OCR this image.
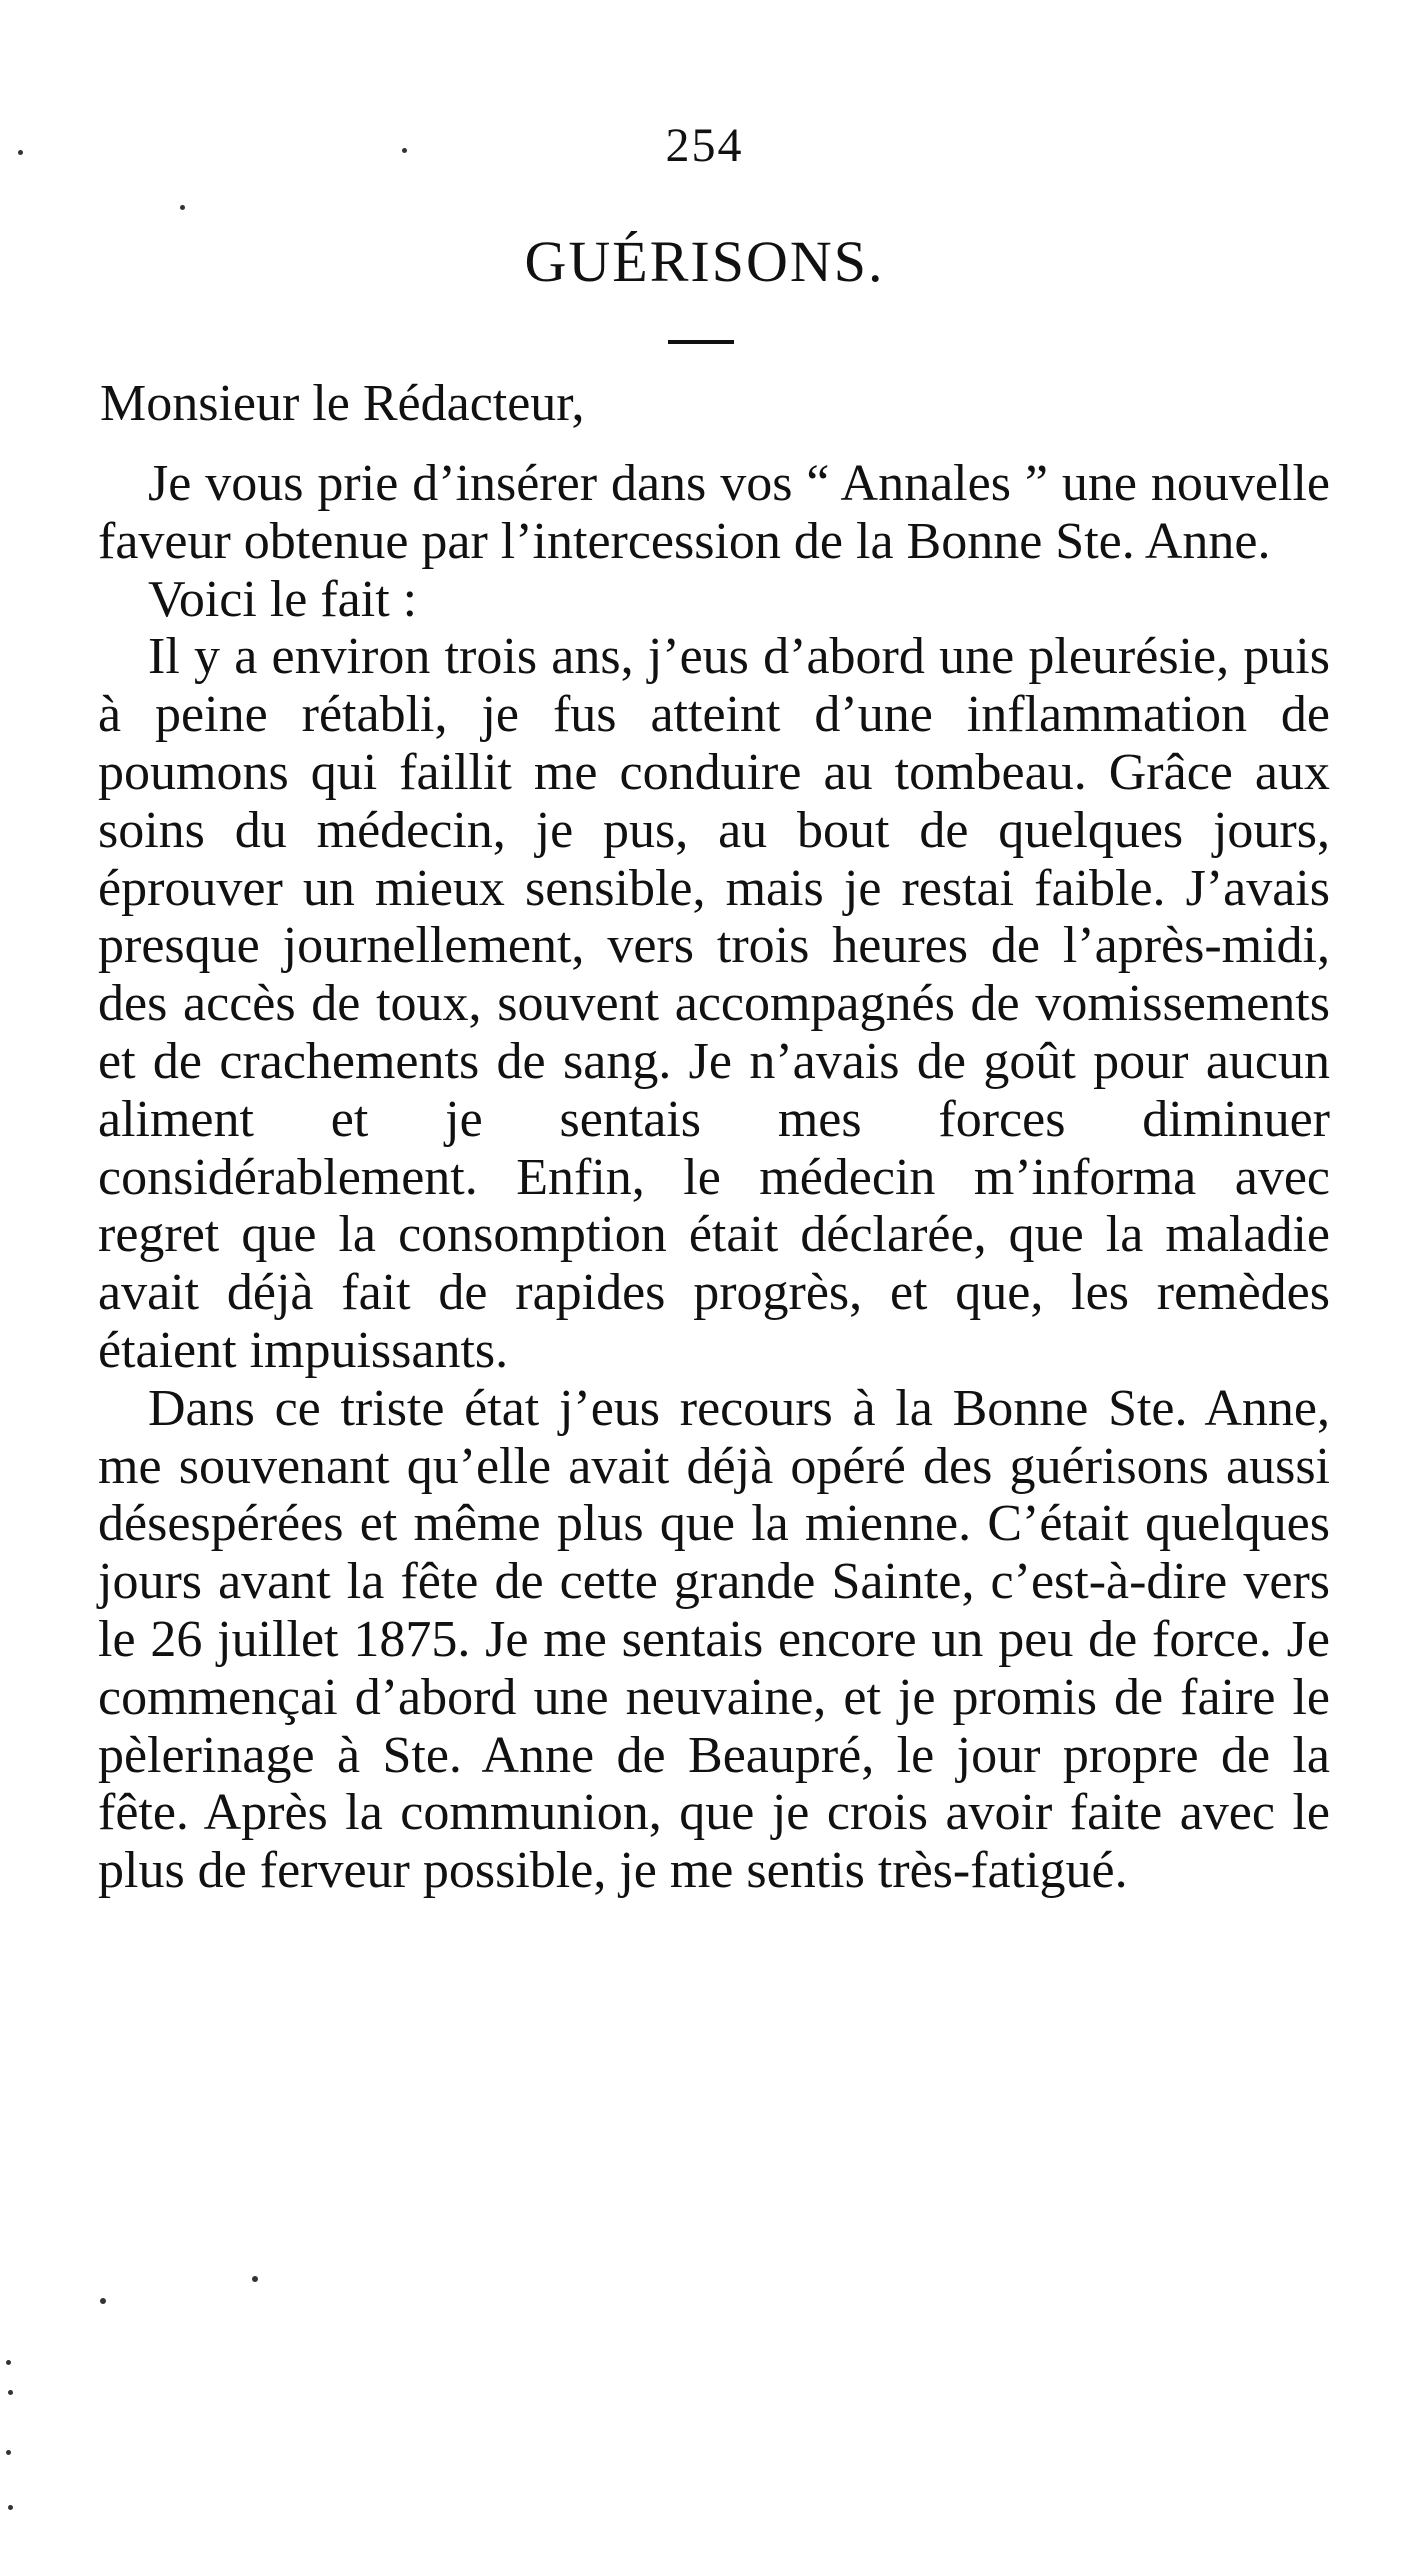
254
GUÉRISONS.

Monsieur le Rédacteur,

Je vous prie d’insérer dans vos “ Annales ” une nouvelle faveur obtenue par l’intercession de la Bonne Ste. Anne.

Voici le fait :

Il y a environ trois ans, j’eus d’abord une pleurésie, puis à peine rétabli, je fus atteint d’une inflammation de poumons qui faillit me conduire au tombeau. Grâce aux soins du médecin, je pus, au bout de quelques jours, éprouver un mieux sensible, mais je restai faible. J’avais presque journellement, vers trois heures de l’après-midi, des accès de toux, souvent accompagnés de vomissements et de crachements de sang. Je n’avais de goût pour aucun aliment et je sentais mes forces diminuer considérablement. Enfin, le médecin m’informa avec regret que la consomption était déclarée, que la maladie avait déjà fait de rapides progrès, et que, les remèdes étaient impuissants.

Dans ce triste état j’eus recours à la Bonne Ste. Anne, me souvenant qu’elle avait déjà opéré des guérisons aussi désespérées et même plus que la mienne. C’était quelques jours avant la fête de cette grande Sainte, c’est-à-dire vers le 26 juillet 1875. Je me sentais encore un peu de force. Je commençai d’abord une neuvaine, et je promis de faire le pèlerinage à Ste. Anne de Beaupré, le jour propre de la fête. Après la communion, que je crois avoir faite avec le plus de ferveur possible, je me sentis très-fatigué.
